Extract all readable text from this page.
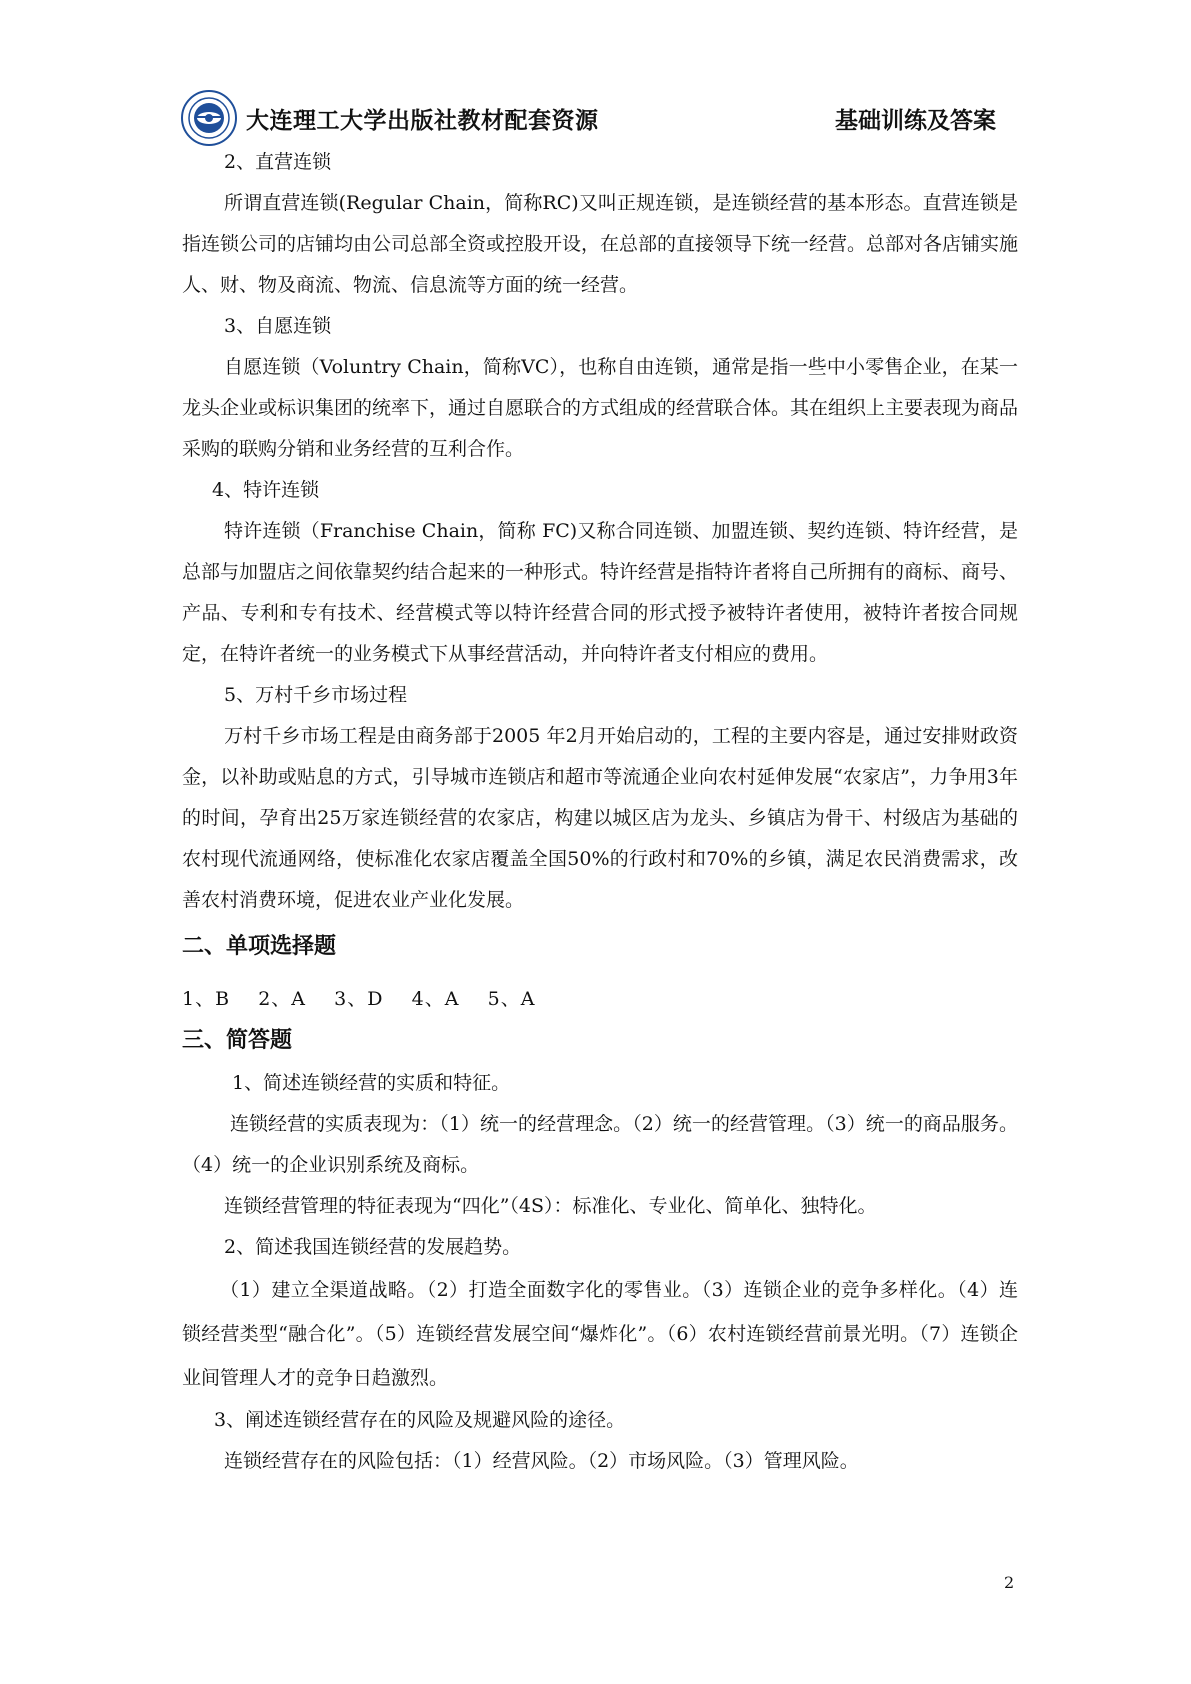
大连理工大学出版社教材配套资源	基础训练及答案

2、直营连锁

所谓直营连锁(Regular Chain，简称RC)又叫正规连锁，是连锁经营的基本形态。直营连锁是指连锁公司的店铺均由公司总部全资或控股开设，在总部的直接领导下统一经营。总部对各店铺实施人、财、物及商流、物流、信息流等方面的统一经营。

3、自愿连锁

自愿连锁（Voluntry Chain，简称VC），也称自由连锁，通常是指一些中小零售企业，在某一龙头企业或标识集团的统率下，通过自愿联合的方式组成的经营联合体。其在组织上主要表现为商品采购的联购分销和业务经营的互利合作。

4、特许连锁

特许连锁（Franchise Chain，简称 FC)又称合同连锁、加盟连锁、契约连锁、特许经营，是总部与加盟店之间依靠契约结合起来的一种形式。特许经营是指特许者将自己所拥有的商标、商号、产品、专利和专有技术、经营模式等以特许经营合同的形式授予被特许者使用，被特许者按合同规定，在特许者统一的业务模式下从事经营活动，并向特许者支付相应的费用。

5、万村千乡市场过程

万村千乡市场工程是由商务部于2005 年2月开始启动的，工程的主要内容是，通过安排财政资金，以补助或贴息的方式，引导城市连锁店和超市等流通企业向农村延伸发展“农家店”，力争用3年的时间，孕育出25万家连锁经营的农家店，构建以城区店为龙头、乡镇店为骨干、村级店为基础的农村现代流通网络，使标准化农家店覆盖全国50%的行政村和70%的乡镇，满足农民消费需求，改善农村消费环境，促进农业产业化发展。

二、单项选择题

1、B    2、A    3、D    4、A    5、A

三、简答题

1、简述连锁经营的实质和特征。

连锁经营的实质表现为：（1）统一的经营理念。（2）统一的经营管理。（3）统一的商品服务。（4）统一的企业识别系统及商标。

连锁经营管理的特征表现为“四化”（4S）：标准化、专业化、简单化、独特化。

2、简述我国连锁经营的发展趋势。

（1）建立全渠道战略。（2）打造全面数字化的零售业。（3）连锁企业的竞争多样化。（4）连锁经营类型“融合化”。（5）连锁经营发展空间“爆炸化”。（6）农村连锁经营前景光明。（7）连锁企业间管理人才的竞争日趋激烈。

3、阐述连锁经营存在的风险及规避风险的途径。

连锁经营存在的风险包括：（1）经营风险。（2）市场风险。（3）管理风险。

2
